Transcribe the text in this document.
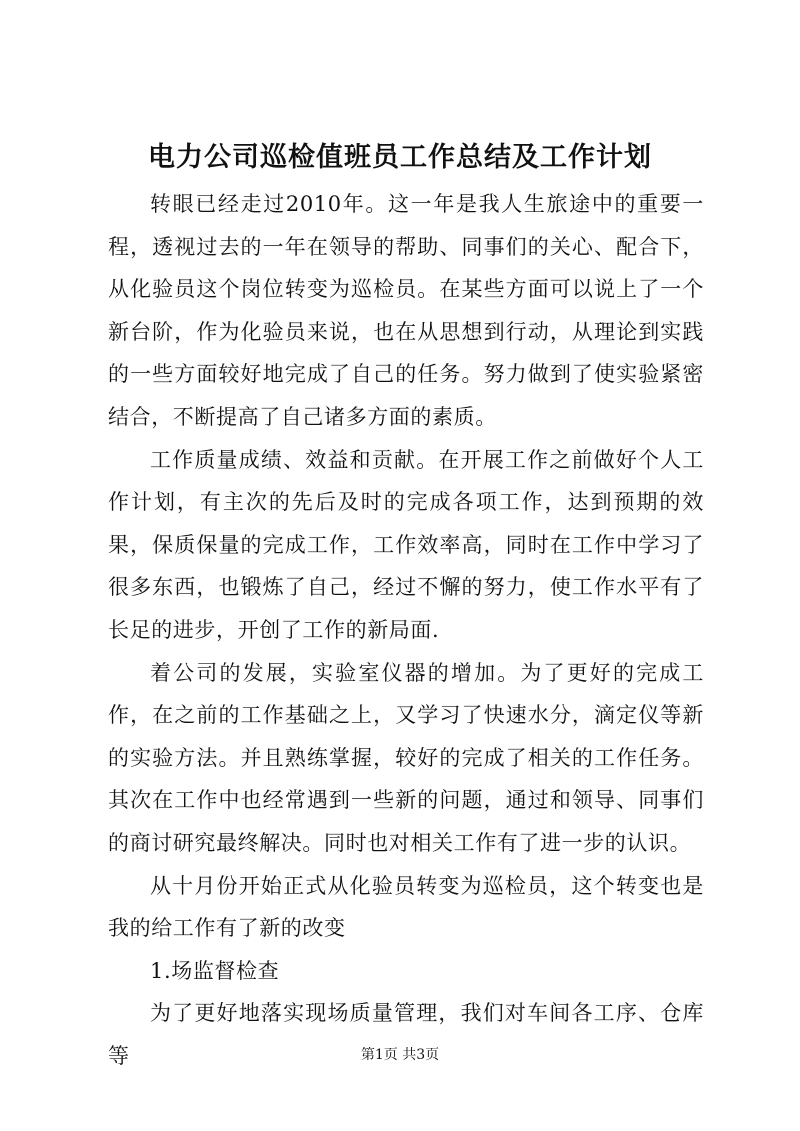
电力公司巡检值班员工作总结及工作计划

转眼已经走过2010年。这一年是我人生旅途中的重要一程，透视过去的一年在领导的帮助、同事们的关心、配合下，从化验员这个岗位转变为巡检员。在某些方面可以说上了一个新台阶，作为化验员来说，也在从思想到行动，从理论到实践的一些方面较好地完成了自己的任务。努力做到了使实验紧密结合，不断提高了自己诸多方面的素质。

工作质量成绩、效益和贡献。在开展工作之前做好个人工作计划，有主次的先后及时的完成各项工作，达到预期的效果，保质保量的完成工作，工作效率高，同时在工作中学习了很多东西，也锻炼了自己，经过不懈的努力，使工作水平有了长足的进步，开创了工作的新局面.

着公司的发展，实验室仪器的增加。为了更好的完成工作，在之前的工作基础之上，又学习了快速水分，滴定仪等新的实验方法。并且熟练掌握，较好的完成了相关的工作任务。其次在工作中也经常遇到一些新的问题，通过和领导、同事们的商讨研究最终解决。同时也对相关工作有了进一步的认识。

从十月份开始正式从化验员转变为巡检员，这个转变也是我的给工作有了新的改变

1.场监督检查

为了更好地落实现场质量管理，我们对车间各工序、仓库等	第1页 共3页
